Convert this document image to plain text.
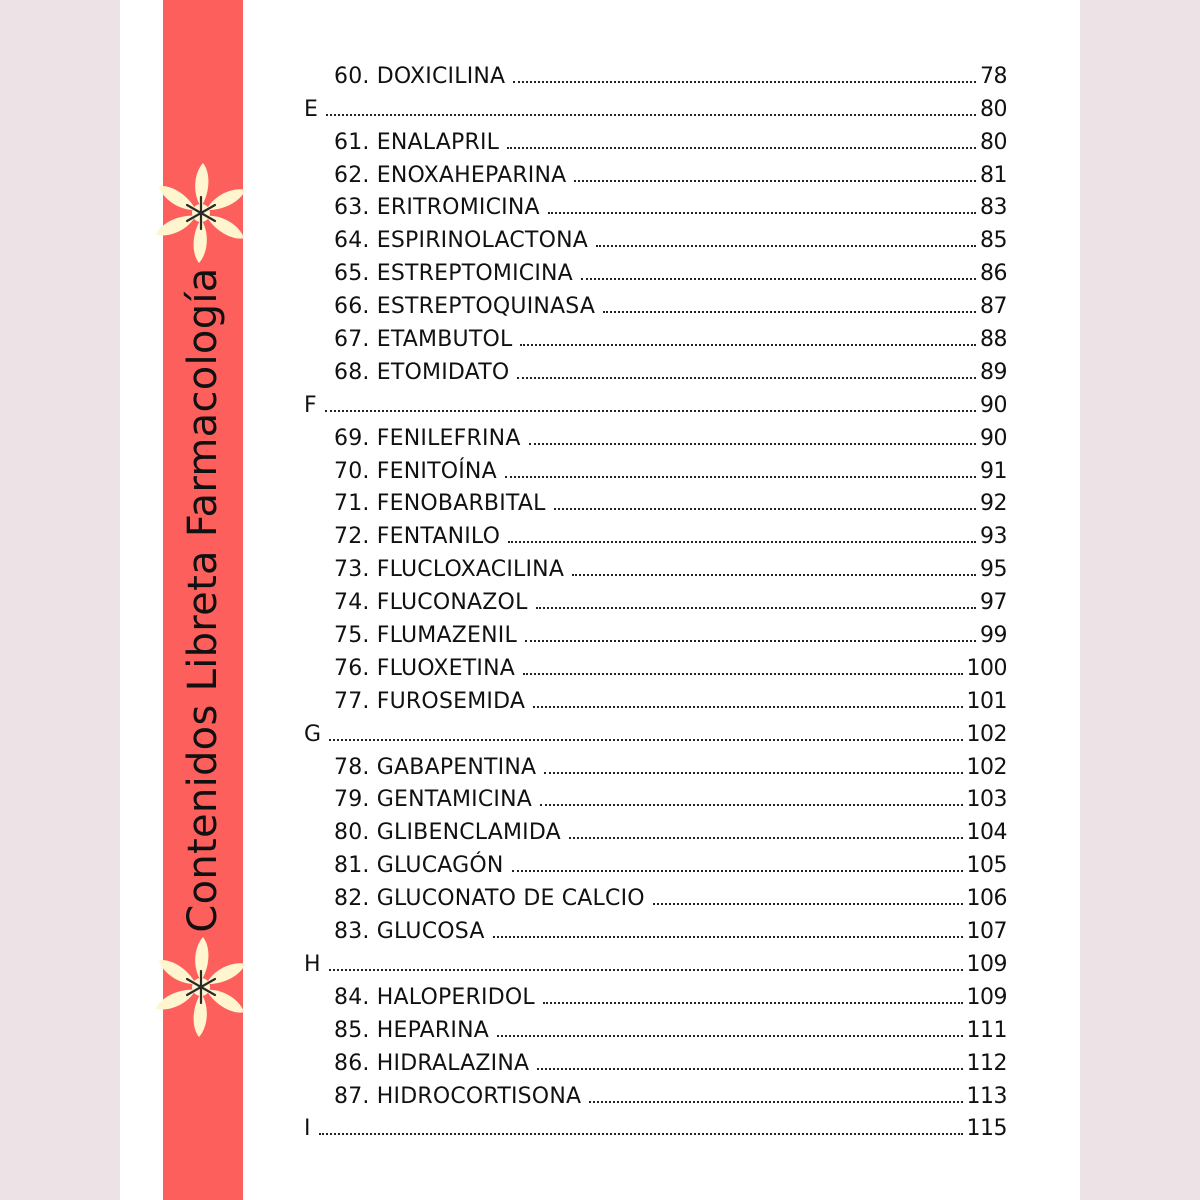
Contenidos Libreta Farmacología
60. DOXICILINA	78
E	80
61. ENALAPRIL	80
62. ENOXAHEPARINA	81
63. ERITROMICINA	83
64. ESPIRINOLACTONA	85
65. ESTREPTOMICINA	86
66. ESTREPTOQUINASA	87
67. ETAMBUTOL	88
68. ETOMIDATO	89
F	90
69. FENILEFRINA	90
70. FENITOÍNA	91
71. FENOBARBITAL	92
72. FENTANILO	93
73. FLUCLOXACILINA	95
74. FLUCONAZOL	97
75. FLUMAZENIL	99
76. FLUOXETINA	100
77. FUROSEMIDA	101
G	102
78. GABAPENTINA	102
79. GENTAMICINA	103
80. GLIBENCLAMIDA	104
81. GLUCAGÓN	105
82. GLUCONATO DE CALCIO	106
83. GLUCOSA	107
H	109
84. HALOPERIDOL	109
85. HEPARINA	111
86. HIDRALAZINA	112
87. HIDROCORTISONA	113
I	115
